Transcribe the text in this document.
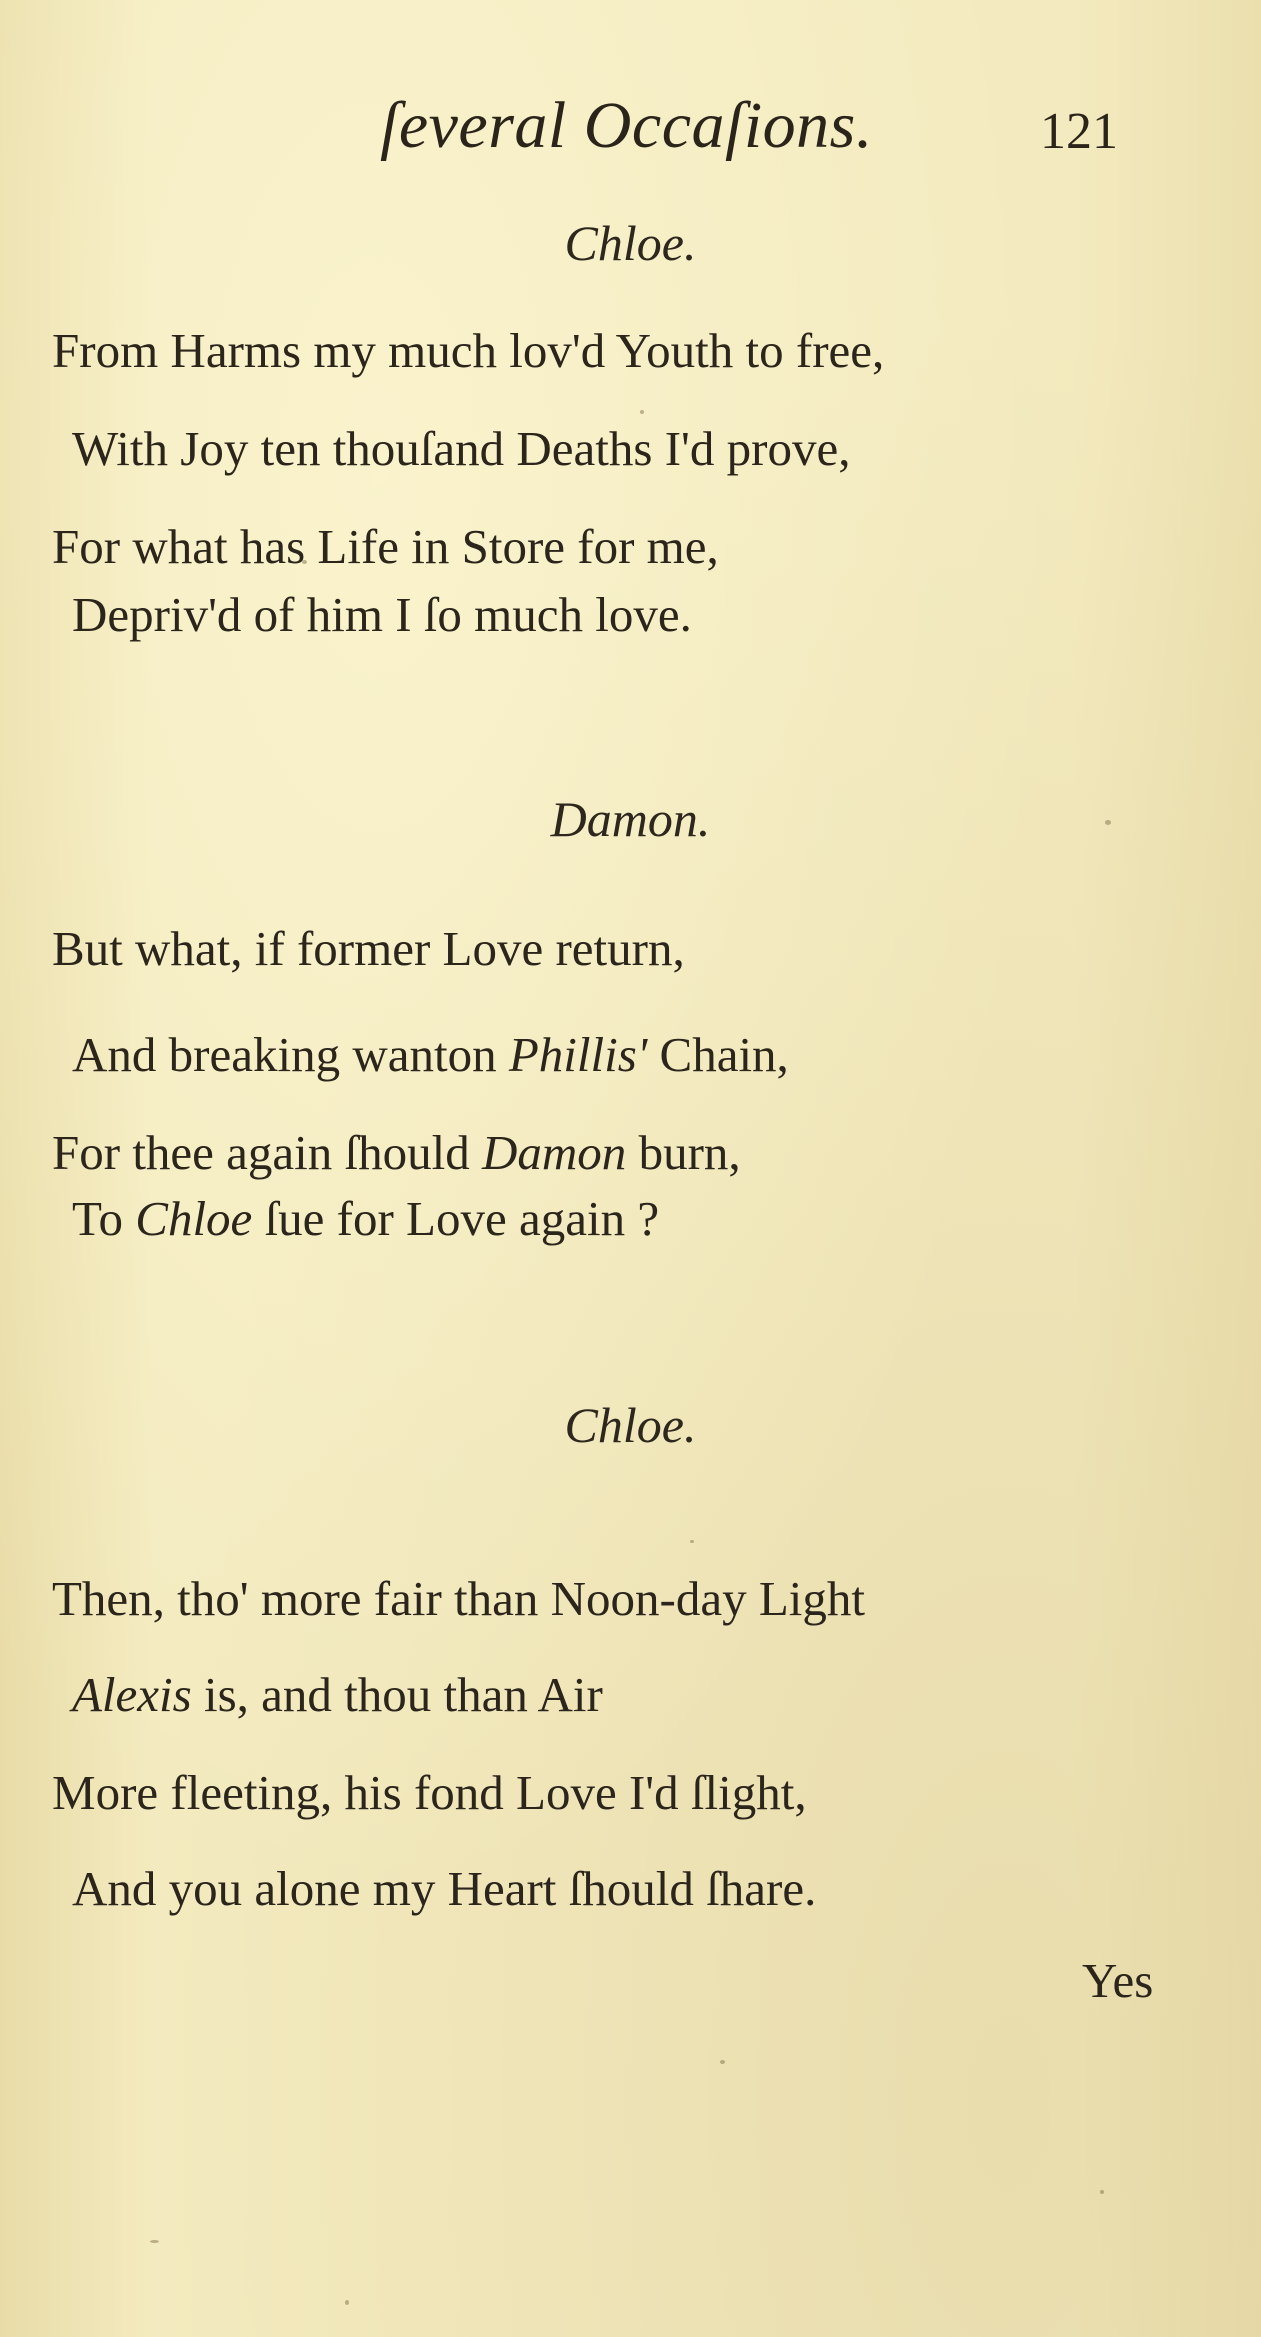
ſeveral Occaſions.	121
Chloe.
From Harms my much lov'd Youth to free,
With Joy ten thouſand Deaths I'd prove,
For what has Life in Store for me,
Depriv'd of him I ſo much love.
Damon.
But what, if former Love return,
And breaking wanton Phillis' Chain,
For thee again ſhould Damon burn,
To Chloe ſue for Love again ?
Chloe.
Then, tho' more fair than Noon-day Light
Alexis is, and thou than Air
More fleeting, his fond Love I'd ſlight,
And you alone my Heart ſhould ſhare.
Yes
